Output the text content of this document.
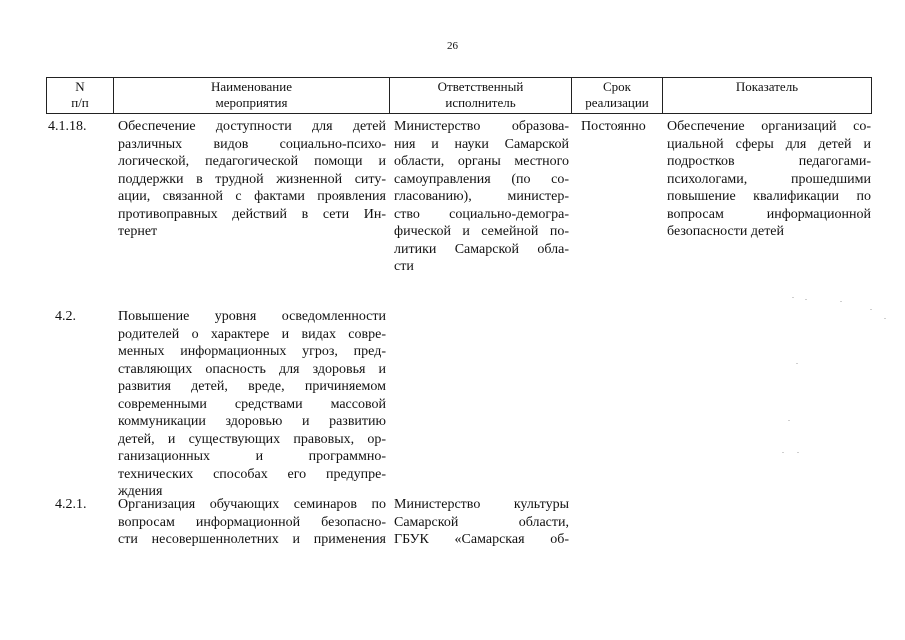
26
N
п/п
Наименование
мероприятия
Ответственный
исполнитель
Срок
реализации
Показатель
4.1.18. Обеспечение доступности для детей
различных видов социально-психо-
логической, педагогической помощи и
поддержки в трудной жизненной ситу-
ации, связанной с фактами проявления
противоправных действий в сети Ин-
тернет
Министерство образова-
ния и науки Самарской
области, органы местного
самоуправления (по со-
гласованию), министер-
ство социально-демогра-
фической и семейной по-
литики Самарской обла-
сти
Постоянно Обеспечение организаций со-
циальной сферы для детей и
подростков педагогами-
психологами, прошедшими
повышение квалификации по
вопросам информационной
безопасности детей
4.2.	Повышение уровня осведомленности
родителей о характере и видах совре-
менных информационных угроз, пред-
ставляющих опасность для здоровья и
развития детей, вреде, причиняемом
современными средствами массовой
коммуникации здоровью и развитию
детей, и существующих правовых, ор-
ганизационных и программно-
технических способах его предупре-
ждения
4.2.1. Организация обучающих семинаров по
вопросам информационной безопасно-
сти несовершеннолетних и применения
Министерство культуры
Самарской области,
ГБУК «Самарская об-
